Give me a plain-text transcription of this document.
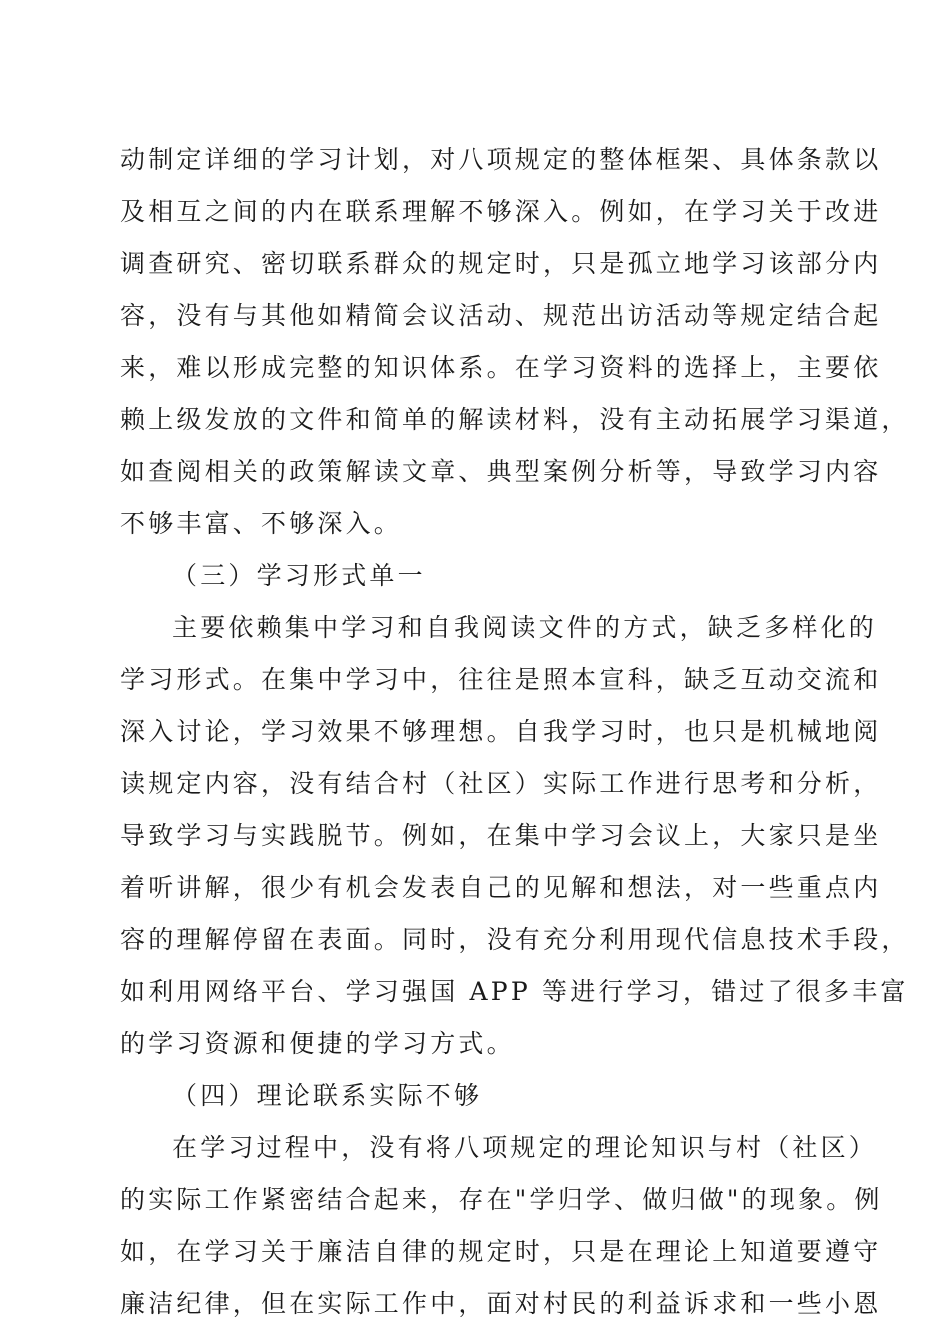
动制定详细的学习计划，对八项规定的整体框架、具体条款以
及相互之间的内在联系理解不够深入。例如，在学习关于改进
调查研究、密切联系群众的规定时，只是孤立地学习该部分内
容，没有与其他如精简会议活动、规范出访活动等规定结合起
来，难以形成完整的知识体系。在学习资料的选择上，主要依
赖上级发放的文件和简单的解读材料，没有主动拓展学习渠道，
如查阅相关的政策解读文章、典型案例分析等，导致学习内容
不够丰富、不够深入。
（三）学习形式单一
主要依赖集中学习和自我阅读文件的方式，缺乏多样化的
学习形式。在集中学习中，往往是照本宣科，缺乏互动交流和
深入讨论，学习效果不够理想。自我学习时，也只是机械地阅
读规定内容，没有结合村（社区）实际工作进行思考和分析，
导致学习与实践脱节。例如，在集中学习会议上，大家只是坐
着听讲解，很少有机会发表自己的见解和想法，对一些重点内
容的理解停留在表面。同时，没有充分利用现代信息技术手段，
如利用网络平台、学习强国 APP 等进行学习，错过了很多丰富
的学习资源和便捷的学习方式。
（四）理论联系实际不够
在学习过程中，没有将八项规定的理论知识与村（社区）
的实际工作紧密结合起来，存在"学归学、做归做"的现象。例
如，在学习关于廉洁自律的规定时，只是在理论上知道要遵守
廉洁纪律，但在实际工作中，面对村民的利益诉求和一些小恩
